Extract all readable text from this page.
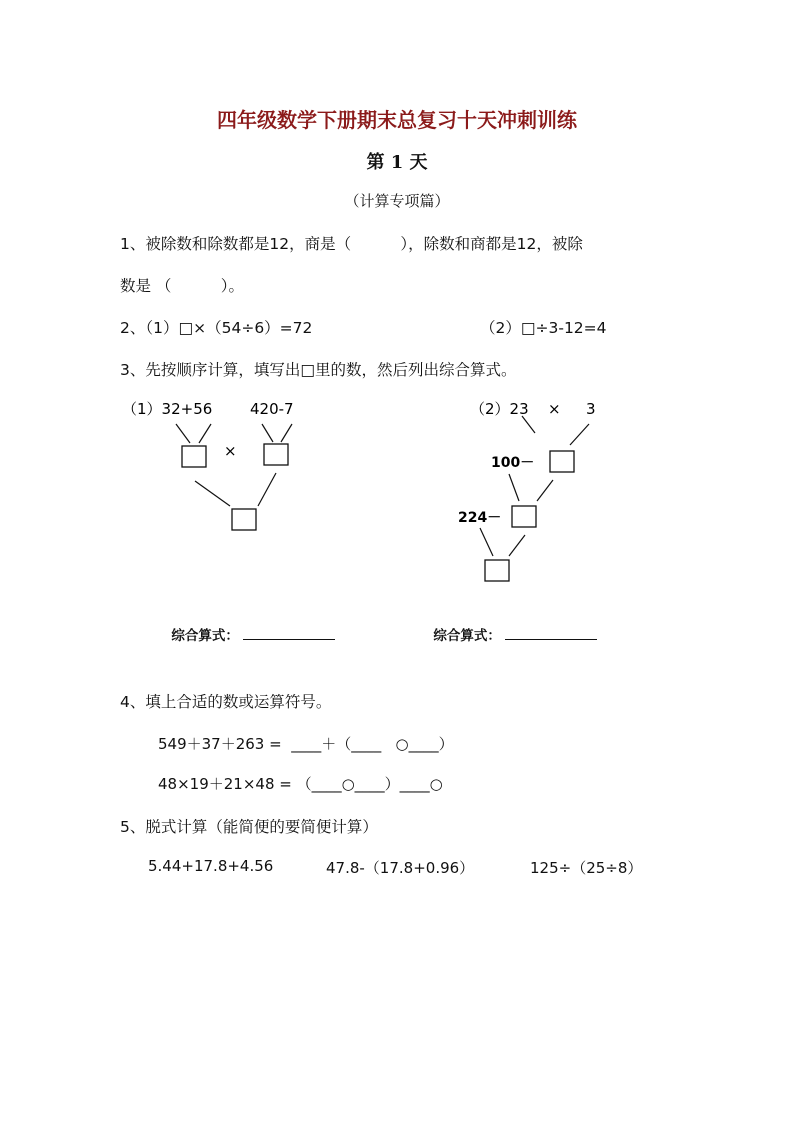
四年级数学下册期末总复习十天冲刺训练
第 1 天
（计算专项篇）
1、被除数和除数都是12，商是（          ），除数和商都是12，被除
数是 （          ）。
2、（1）□×（54÷6）=72	（2）□÷3-12=4
3、先按顺序计算，填写出□里的数，然后列出综合算式。
（1）32+56	420-7
×
（2）23 × 3
100－
224－

综合算式：	综合算式：

4、填上合适的数或运算符号。
549＋37＋263 =  ____＋（____   ○____）
48×19＋21×48 = （____○____）____○
5、脱式计算（能简便的要简便计算）
5.44+17.8+4.56	47.8-（17.8+0.96）	125÷（25÷8）
